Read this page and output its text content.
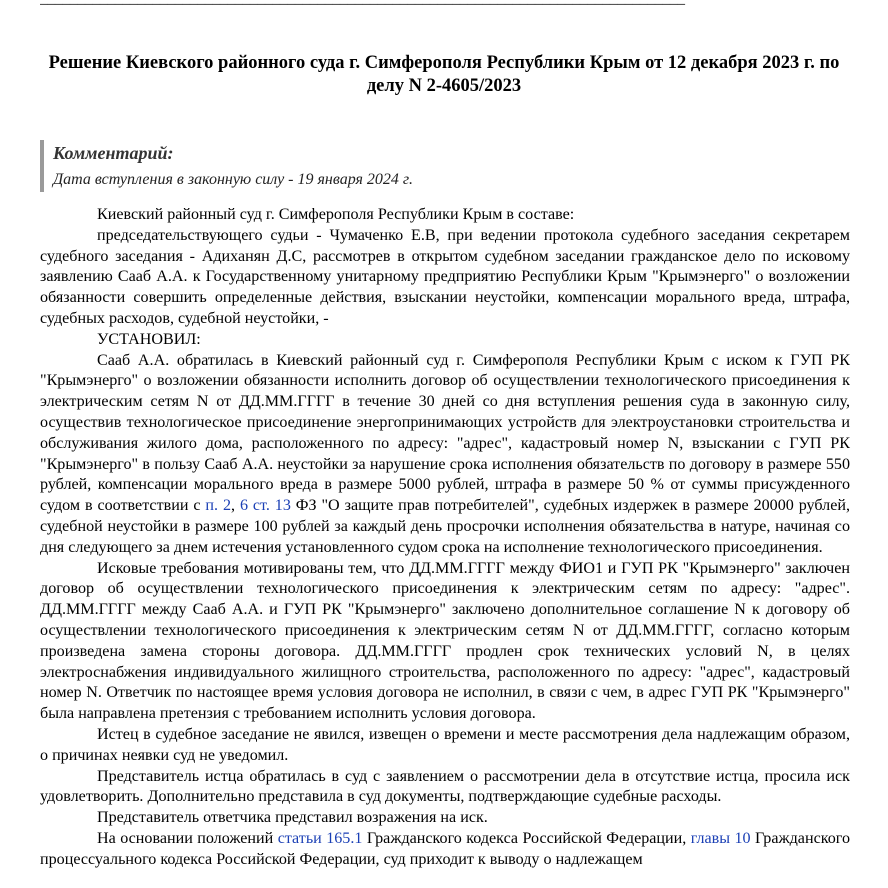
Решение Киевского районного суда г. Симферополя Республики Крым от 12 декабря 2023 г. по делу N 2-4605/2023
Комментарий:
Дата вступления в законную силу - 19 января 2024 г.

Киевский районный суд г. Симферополя Республики Крым в составе:

председательствующего судьи - Чумаченко Е.В, при ведении протокола судебного заседания секретарем судебного заседания - Адиханян Д.С, рассмотрев в открытом судебном заседании гражданское дело по исковому заявлению Сааб А.А. к Государственному унитарному предприятию Республики Крым "Крымэнерго" о возложении обязанности совершить определенные действия, взыскании неустойки, компенсации морального вреда, штрафа, судебных расходов, судебной неустойки, -

УСТАНОВИЛ:

Сааб А.А. обратилась в Киевский районный суд г. Симферополя Республики Крым с иском к ГУП РК "Крымэнерго" о возложении обязанности исполнить договор об осуществлении технологического присоединения к электрическим сетям N от ДД.ММ.ГГГГ в течение 30 дней со дня вступления решения суда в законную силу, осуществив технологическое присоединение энергопринимающих устройств для электроустановки строительства и обслуживания жилого дома, расположенного по адресу: "адрес", кадастровый номер N, взыскании с ГУП РК "Крымэнерго" в пользу Сааб А.А. неустойки за нарушение срока исполнения обязательств по договору в размере 550 рублей, компенсации морального вреда в размере 5000 рублей, штрафа в размере 50 % от суммы присужденного судом в соответствии с п. 2, 6 ст. 13 ФЗ "О защите прав потребителей", судебных издержек в размере 20000 рублей, судебной неустойки в размере 100 рублей за каждый день просрочки исполнения обязательства в натуре, начиная со дня следующего за днем истечения установленного судом срока на исполнение технологического присоединения.

Исковые требования мотивированы тем, что ДД.ММ.ГГГГ между ФИО1 и ГУП РК "Крымэнерго" заключен договор об осуществлении технологического присоединения к электрическим сетям по адресу: "адрес". ДД.ММ.ГГГГ между Сааб А.А. и ГУП РК "Крымэнерго" заключено дополнительное соглашение N к договору об осуществлении технологического присоединения к электрическим сетям N от ДД.ММ.ГГГГ, согласно которым произведена замена стороны договора. ДД.ММ.ГГГГ продлен срок технических условий N, в целях электроснабжения индивидуального жилищного строительства, расположенного по адресу: "адрес", кадастровый номер N. Ответчик по настоящее время условия договора не исполнил, в связи с чем, в адрес ГУП РК "Крымэнерго" была направлена претензия с требованием исполнить условия договора.

Истец в судебное заседание не явился, извещен о времени и месте рассмотрения дела надлежащим образом, о причинах неявки суд не уведомил.

Представитель истца обратилась в суд с заявлением о рассмотрении дела в отсутствие истца, просила иск удовлетворить. Дополнительно представила в суд документы, подтверждающие судебные расходы.

Представитель ответчика представил возражения на иск.

На основании положений статьи 165.1 Гражданского кодекса Российской Федерации, главы 10 Гражданского процессуального кодекса Российской Федерации, суд приходит к выводу о надлежащем
